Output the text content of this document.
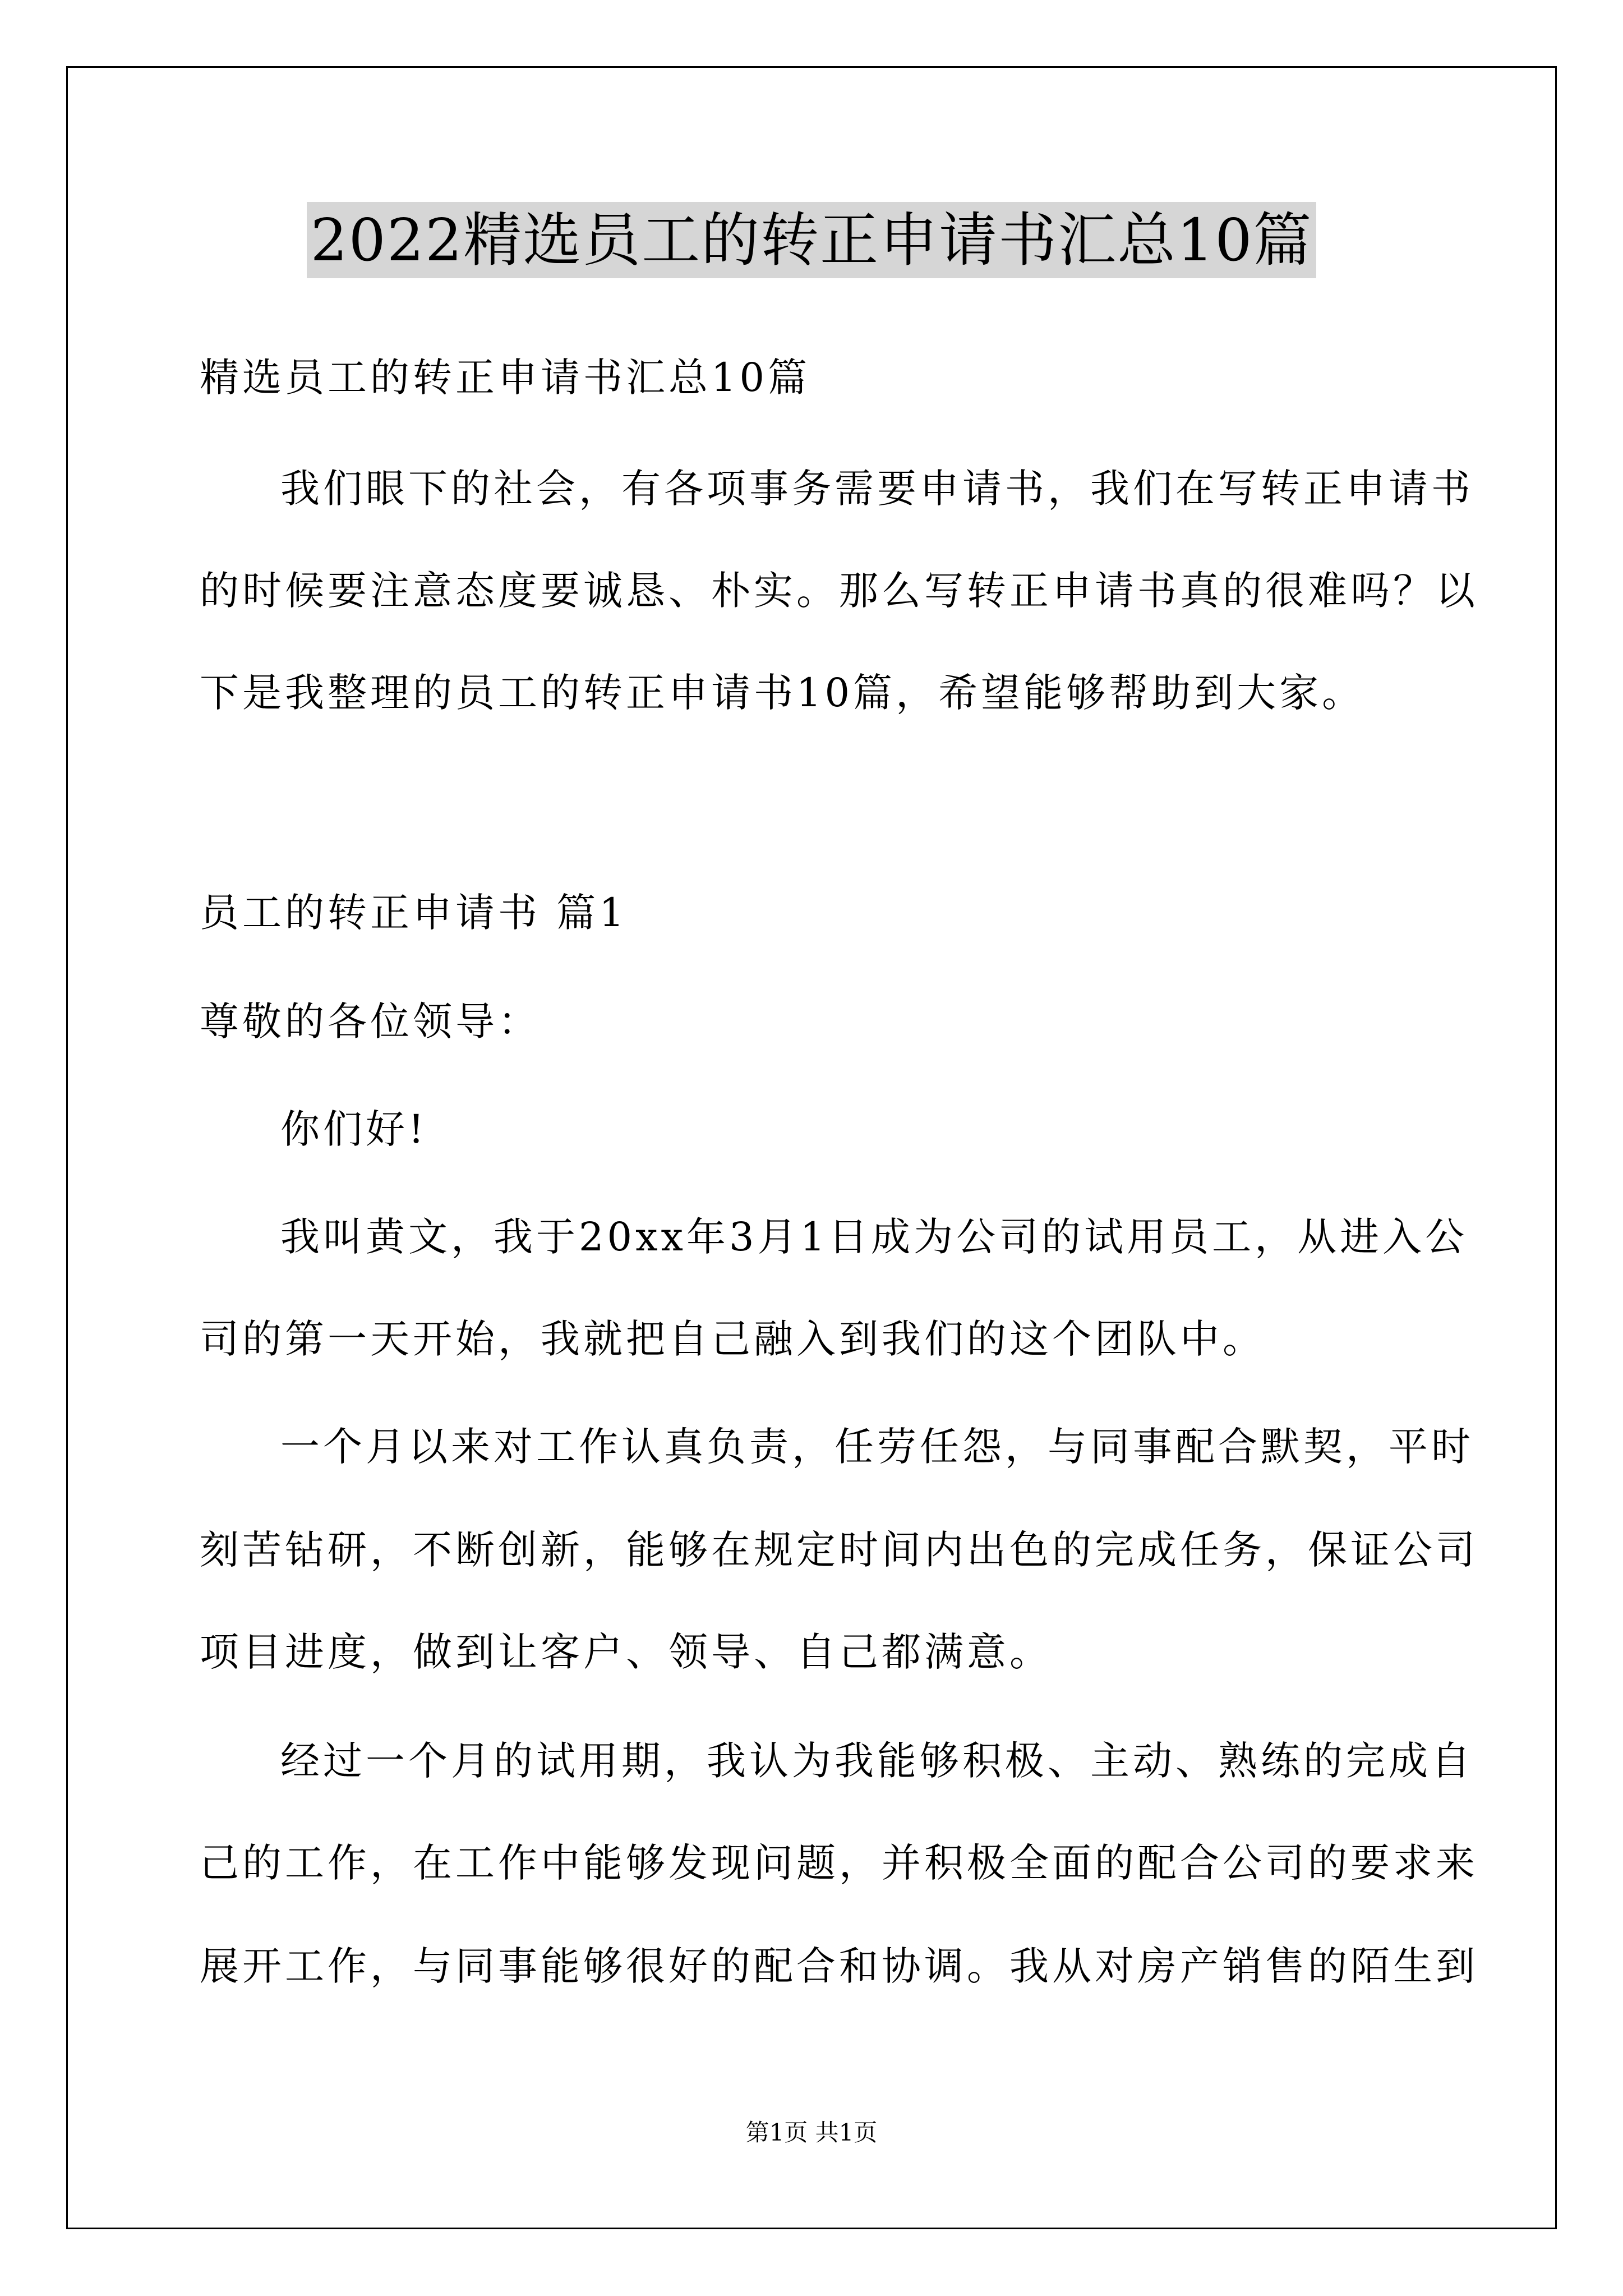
2022精选员工的转正申请书汇总10篇
精选员工的转正申请书汇总10篇
我们眼下的社会，有各项事务需要申请书，我们在写转正申请书
的时候要注意态度要诚恳、朴实。那么写转正申请书真的很难吗？以
下是我整理的员工的转正申请书10篇，希望能够帮助到大家。
员工的转正申请书 篇1
尊敬的各位领导：
你们好!
我叫黄文，我于20xx年3月1日成为公司的试用员工，从进入公
司的第一天开始，我就把自己融入到我们的这个团队中。
一个月以来对工作认真负责，任劳任怨，与同事配合默契，平时
刻苦钻研，不断创新，能够在规定时间内出色的完成任务，保证公司
项目进度，做到让客户、领导、自己都满意。
经过一个月的试用期，我认为我能够积极、主动、熟练的完成自
己的工作，在工作中能够发现问题，并积极全面的配合公司的要求来
展开工作，与同事能够很好的配合和协调。我从对房产销售的陌生到
第1页 共1页
